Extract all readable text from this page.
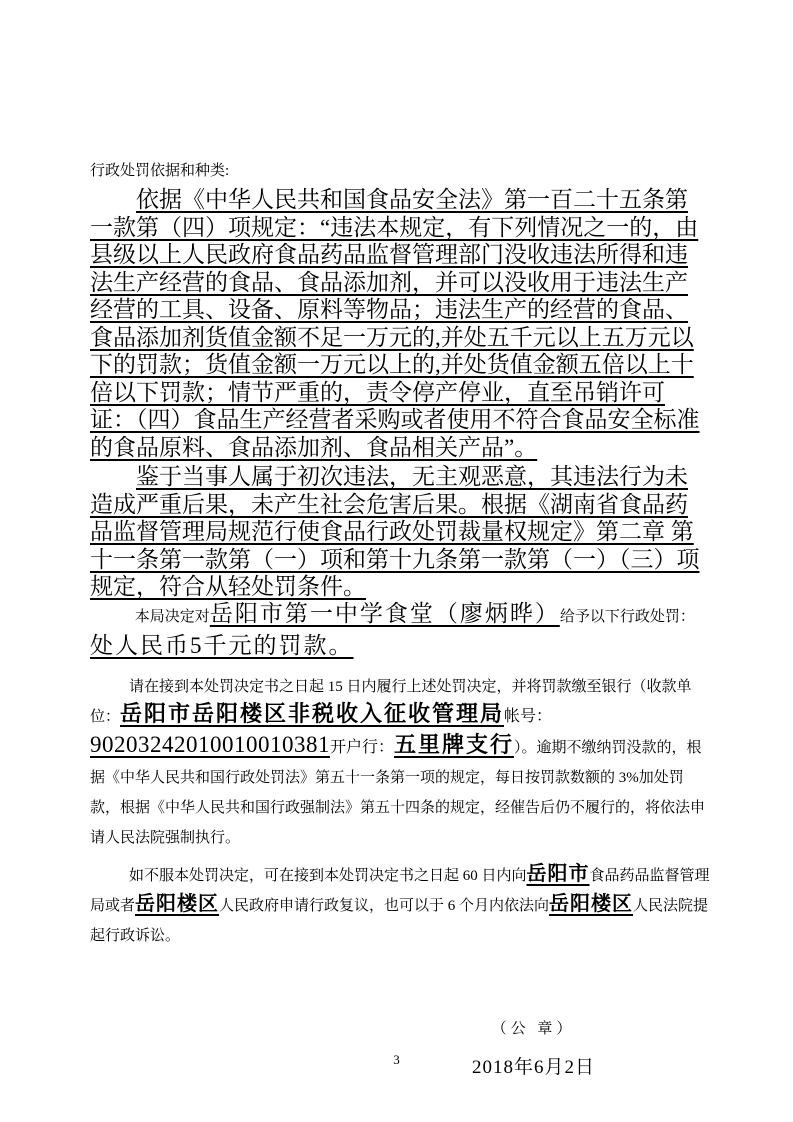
行政处罚依据和种类:

依据《中华人民共和国食品安全法》第一百二十五条第一款第（四）项规定：“违法本规定，有下列情况之一的，由县级以上人民政府食品药品监督管理部门没收违法所得和违法生产经营的食品、食品添加剂，并可以没收用于违法生产经营的工具、设备、原料等物品；违法生产的经营的食品、食品添加剂货值金额不足一万元的,并处五千元以上五万元以下的罚款；货值金额一万元以上的,并处货值金额五倍以上十倍以下罚款；情节严重的，责令停产停业，直至吊销许可证：（四）食品生产经营者采购或者使用不符合食品安全标准的食品原料、食品添加剂、食品相关产品”。

鉴于当事人属于初次违法，无主观恶意，其违法行为未造成严重后果，未产生社会危害后果。根据《湖南省食品药品监督管理局规范行使食品行政处罚裁量权规定》第二章 第十一条第一款第（一）项和第十九条第一款第（一）（三）项规定，符合从轻处罚条件。

本局决定对岳阳市第一中学食堂（廖炳晔）给予以下行政处罚：处人民币5千元的罚款。

请在接到本处罚决定书之日起 15 日内履行上述处罚决定，并将罚款缴至银行（收款单位：岳阳市岳阳楼区非税收入征收管理局帐号：90203242010010010381开户行：五里牌支行）。逾期不缴纳罚没款的，根据《中华人民共和国行政处罚法》第五十一条第一项的规定，每日按罚款数额的 3%加处罚款，根据《中华人民共和国行政强制法》第五十四条的规定，经催告后仍不履行的，将依法申请人民法院强制执行。

如不服本处罚决定，可在接到本处罚决定书之日起 60 日内向岳阳市食品药品监督管理局或者岳阳楼区人民政府申请行政复议，也可以于 6 个月内依法向岳阳楼区人民法院提起行政诉讼。

（公 章）
2018年6月2日
3
